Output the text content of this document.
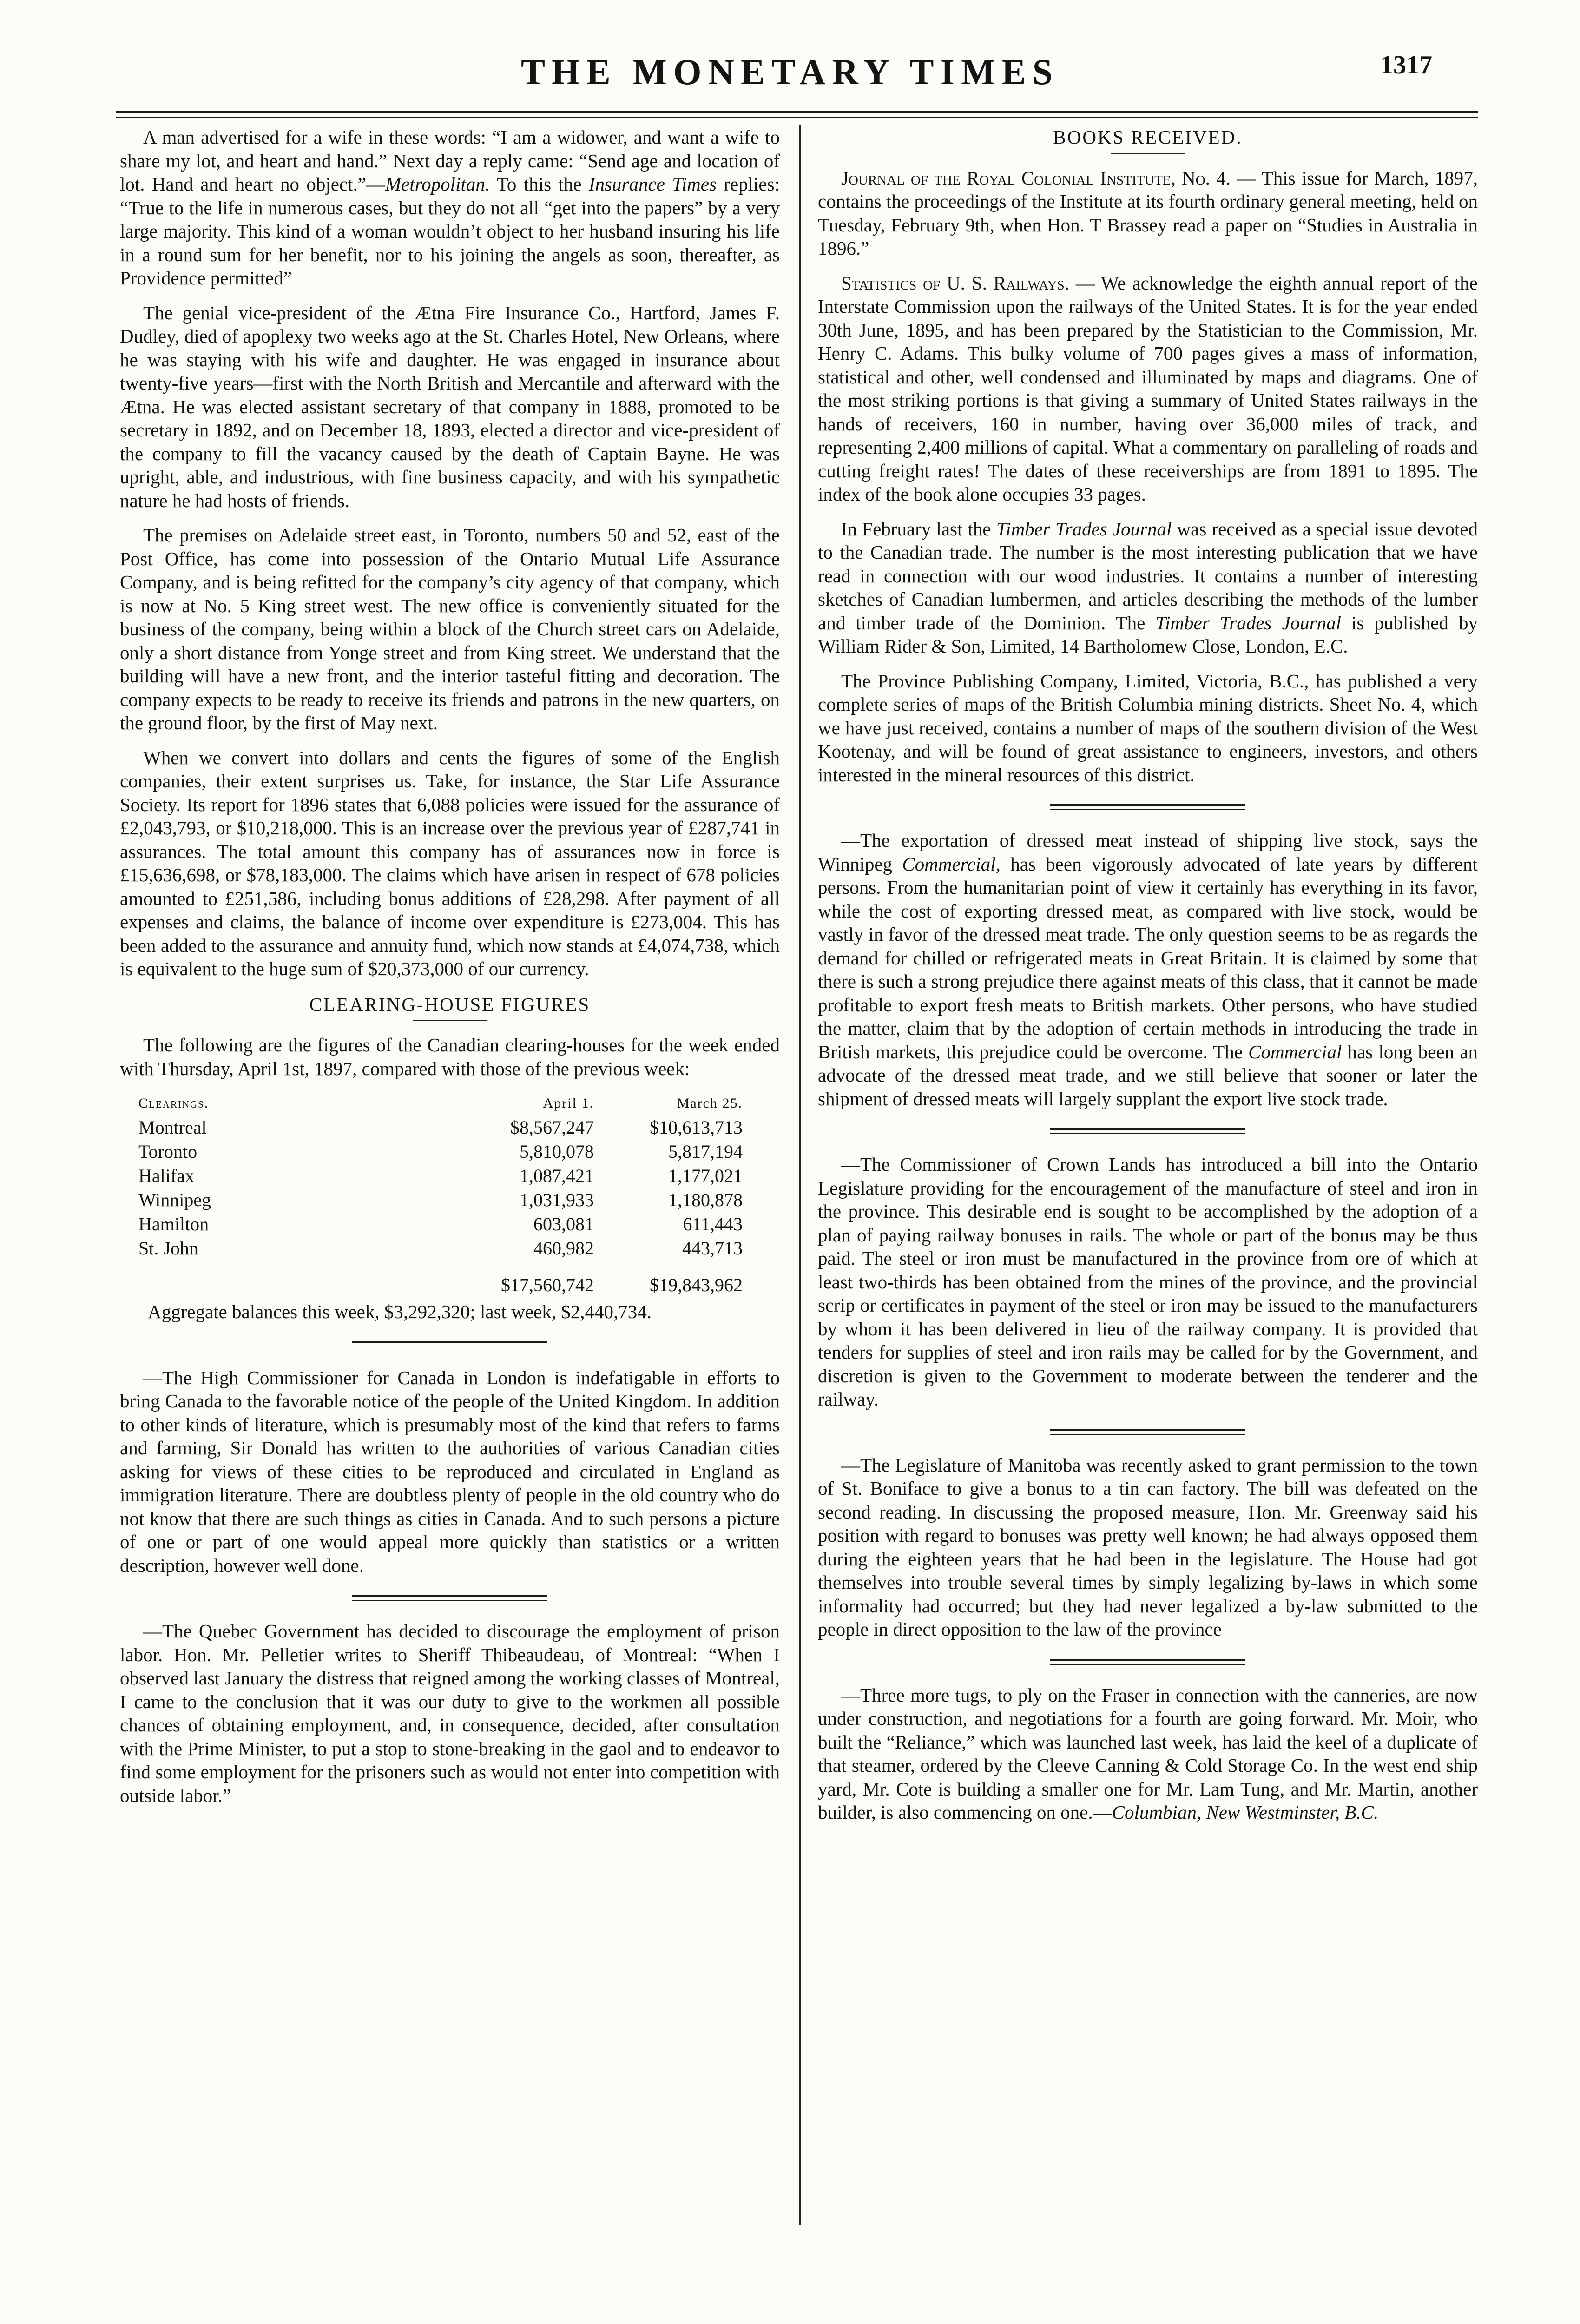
THE MONETARY TIMES	1317

A man advertised for a wife in these words: “I am a widower, and want a wife to share my lot, and heart and hand.” Next day a reply came: “Send age and location of lot. Hand and heart no object.”—Metropolitan. To this the Insurance Times replies: “True to the life in numerous cases, but they do not all “get into the papers” by a very large majority. This kind of a woman wouldn’t object to her husband insuring his life in a round sum for her benefit, nor to his joining the angels as soon, thereafter, as Providence permitted”

The genial vice-president of the Ætna Fire Insurance Co., Hartford, James F. Dudley, died of apoplexy two weeks ago at the St. Charles Hotel, New Orleans, where he was staying with his wife and daughter. He was engaged in insurance about twenty-five years—first with the North British and Mercantile and afterward with the Ætna. He was elected assistant secretary of that company in 1888, promoted to be secretary in 1892, and on December 18, 1893, elected a director and vice-president of the company to fill the vacancy caused by the death of Captain Bayne. He was upright, able, and industrious, with fine business capacity, and with his sympathetic nature he had hosts of friends.

The premises on Adelaide street east, in Toronto, numbers 50 and 52, east of the Post Office, has come into possession of the Ontario Mutual Life Assurance Company, and is being refitted for the company’s city agency of that company, which is now at No. 5 King street west. The new office is conveniently situated for the business of the company, being within a block of the Church street cars on Adelaide, only a short distance from Yonge street and from King street. We understand that the building will have a new front, and the interior tasteful fitting and decoration. The company expects to be ready to receive its friends and patrons in the new quarters, on the ground floor, by the first of May next.

When we convert into dollars and cents the figures of some of the English companies, their extent surprises us. Take, for instance, the Star Life Assurance Society. Its report for 1896 states that 6,088 policies were issued for the assurance of £2,043,793, or $10,218,000. This is an increase over the previous year of £287,741 in assurances. The total amount this company has of assurances now in force is £15,636,698, or $78,183,000. The claims which have arisen in respect of 678 policies amounted to £251,586, including bonus additions of £28,298. After payment of all expenses and claims, the balance of income over expenditure is £273,004. This has been added to the assurance and annuity fund, which now stands at £4,074,738, which is equivalent to the huge sum of $20,373,000 of our currency.

CLEARING-HOUSE FIGURES

The following are the figures of the Canadian clearing-houses for the week ended with Thursday, April 1st, 1897, compared with those of the previous week:

Clearings.	April 1.	March 25.
Montreal	$8,567,247	$10,613,713
Toronto	5,810,078	5,817,194
Halifax	1,087,421	1,177,021
Winnipeg	1,031,933	1,180,878
Hamilton	603,081	611,443
St. John	460,982	443,713
	$17,560,742	$19,843,962

Aggregate balances this week, $3,292,320; last week, $2,440,734.

—The High Commissioner for Canada in London is indefatigable in efforts to bring Canada to the favorable notice of the people of the United Kingdom. In addition to other kinds of literature, which is presumably most of the kind that refers to farms and farming, Sir Donald has written to the authorities of various Canadian cities asking for views of these cities to be reproduced and circulated in England as immigration literature. There are doubtless plenty of people in the old country who do not know that there are such things as cities in Canada. And to such persons a picture of one or part of one would appeal more quickly than statistics or a written description, however well done.

—The Quebec Government has decided to discourage the employment of prison labor. Hon. Mr. Pelletier writes to Sheriff Thibeaudeau, of Montreal: “When I observed last January the distress that reigned among the working classes of Montreal, I came to the conclusion that it was our duty to give to the workmen all possible chances of obtaining employment, and, in consequence, decided, after consultation with the Prime Minister, to put a stop to stone-breaking in the gaol and to endeavor to find some employment for the prisoners such as would not enter into competition with outside labor.”

BOOKS RECEIVED.

Journal of the Royal Colonial Institute, No. 4. — This issue for March, 1897, contains the proceedings of the Institute at its fourth ordinary general meeting, held on Tuesday, February 9th, when Hon. T Brassey read a paper on “Studies in Australia in 1896.”

Statistics of U. S. Railways. — We acknowledge the eighth annual report of the Interstate Commission upon the railways of the United States. It is for the year ended 30th June, 1895, and has been prepared by the Statistician to the Commission, Mr. Henry C. Adams. This bulky volume of 700 pages gives a mass of information, statistical and other, well condensed and illuminated by maps and diagrams. One of the most striking portions is that giving a summary of United States railways in the hands of receivers, 160 in number, having over 36,000 miles of track, and representing 2,400 millions of capital. What a commentary on paralleling of roads and cutting freight rates! The dates of these receiverships are from 1891 to 1895. The index of the book alone occupies 33 pages.

In February last the Timber Trades Journal was received as a special issue devoted to the Canadian trade. The number is the most interesting publication that we have read in connection with our wood industries. It contains a number of interesting sketches of Canadian lumbermen, and articles describing the methods of the lumber and timber trade of the Dominion. The Timber Trades Journal is published by William Rider & Son, Limited, 14 Bartholomew Close, London, E.C.

The Province Publishing Company, Limited, Victoria, B.C., has published a very complete series of maps of the British Columbia mining districts. Sheet No. 4, which we have just received, contains a number of maps of the southern division of the West Kootenay, and will be found of great assistance to engineers, investors, and others interested in the mineral resources of this district.

—The exportation of dressed meat instead of shipping live stock, says the Winnipeg Commercial, has been vigorously advocated of late years by different persons. From the humanitarian point of view it certainly has everything in its favor, while the cost of exporting dressed meat, as compared with live stock, would be vastly in favor of the dressed meat trade. The only question seems to be as regards the demand for chilled or refrigerated meats in Great Britain. It is claimed by some that there is such a strong prejudice there against meats of this class, that it cannot be made profitable to export fresh meats to British markets. Other persons, who have studied the matter, claim that by the adoption of certain methods in introducing the trade in British markets, this prejudice could be overcome. The Commercial has long been an advocate of the dressed meat trade, and we still believe that sooner or later the shipment of dressed meats will largely supplant the export live stock trade.

—The Commissioner of Crown Lands has introduced a bill into the Ontario Legislature providing for the encouragement of the manufacture of steel and iron in the province. This desirable end is sought to be accomplished by the adoption of a plan of paying railway bonuses in rails. The whole or part of the bonus may be thus paid. The steel or iron must be manufactured in the province from ore of which at least two-thirds has been obtained from the mines of the province, and the provincial scrip or certificates in payment of the steel or iron may be issued to the manufacturers by whom it has been delivered in lieu of the railway company. It is provided that tenders for supplies of steel and iron rails may be called for by the Government, and discretion is given to the Government to moderate between the tenderer and the railway.

—The Legislature of Manitoba was recently asked to grant permission to the town of St. Boniface to give a bonus to a tin can factory. The bill was defeated on the second reading. In discussing the proposed measure, Hon. Mr. Greenway said his position with regard to bonuses was pretty well known; he had always opposed them during the eighteen years that he had been in the legislature. The House had got themselves into trouble several times by simply legalizing by-laws in which some informality had occurred; but they had never legalized a by-law submitted to the people in direct opposition to the law of the province

—Three more tugs, to ply on the Fraser in connection with the canneries, are now under construction, and negotiations for a fourth are going forward. Mr. Moir, who built the “Reliance,” which was launched last week, has laid the keel of a duplicate of that steamer, ordered by the Cleeve Canning & Cold Storage Co. In the west end ship yard, Mr. Cote is building a smaller one for Mr. Lam Tung, and Mr. Martin, another builder, is also commencing on one.—Columbian, New Westminster, B.C.
